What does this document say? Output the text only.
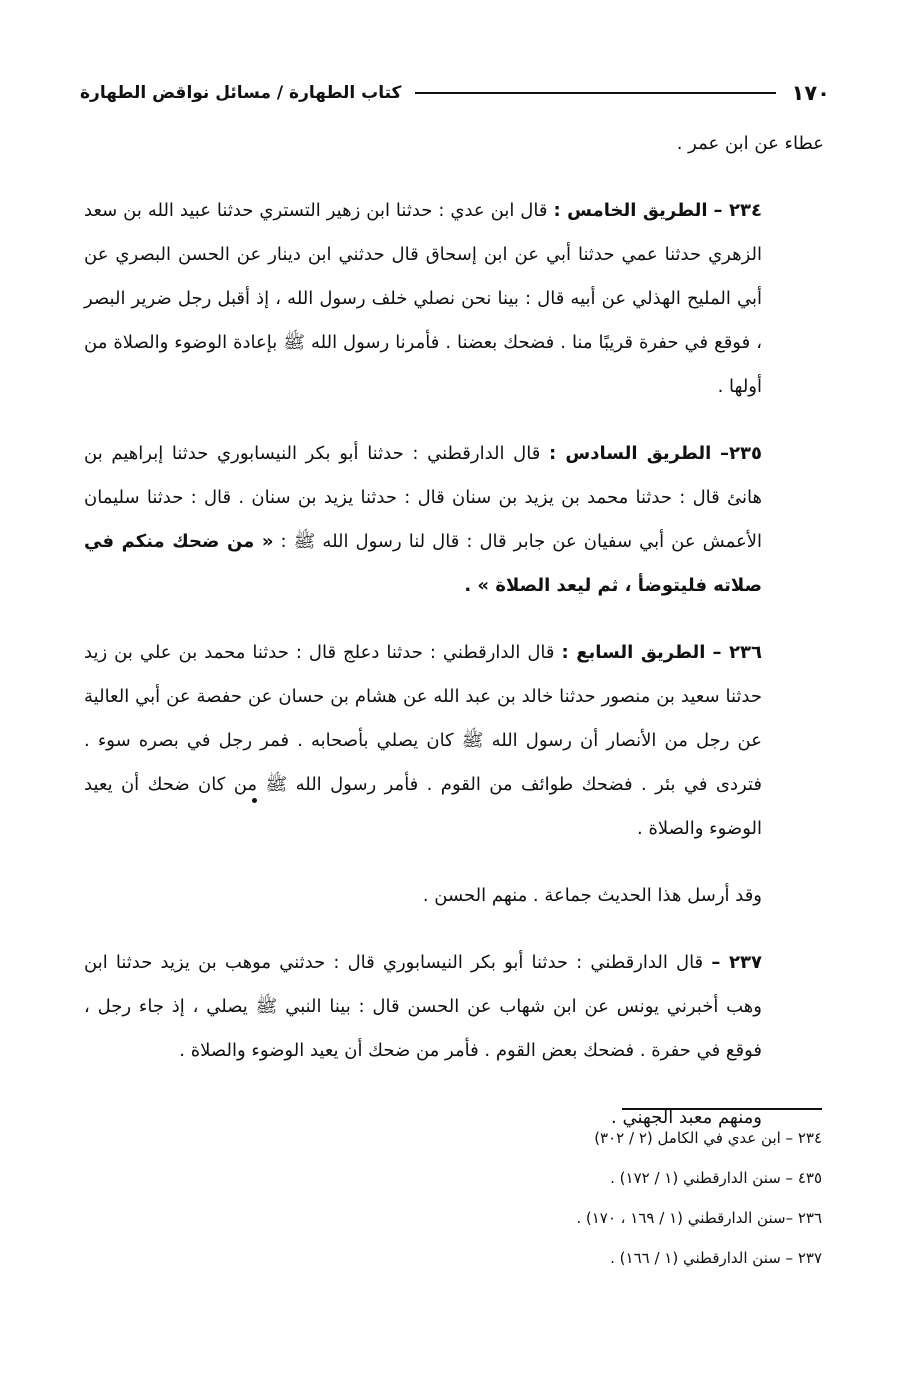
١٧٠
كتاب الطهارة / مسائل نواقض الطهارة

عطاء عن ابن عمر .

٢٣٤ – الطريق الخامس : قال ابن عدي : حدثنا ابن زهير التستري حدثنا عبيد الله بن سعد الزهري حدثنا عمي حدثنا أبي عن ابن إسحاق قال حدثني ابن دينار عن الحسن البصري عن أبي المليح الهذلي عن أبيه قال : بينا نحن نصلي خلف رسول الله ، إذ أقبل رجل ضرير البصر ، فوقع في حفرة قريبًا منا . فضحك بعضنا . فأمرنا رسول الله ﷺ بإعادة الوضوء والصلاة من أولها .

٢٣٥– الطريق السادس : قال الدارقطني : حدثنا أبو بكر النيسابوري حدثنا إبراهيم بن هانئ قال : حدثنا محمد بن يزيد بن سنان قال : حدثنا يزيد بن سنان . قال : حدثنا سليمان الأعمش عن أبي سفيان عن جابر قال : قال لنا رسول الله ﷺ : « من ضحك منكم في صلاته فليتوضأ ، ثم ليعد الصلاة » .

٢٣٦ – الطريق السابع : قال الدارقطني : حدثنا دعلج قال : حدثنا محمد بن علي بن زيد حدثنا سعيد بن منصور حدثنا خالد بن عبد الله عن هشام بن حسان عن حفصة عن أبي العالية عن رجل من الأنصار أن رسول الله ﷺ كان يصلي بأصحابه . فمر رجل في بصره سوء . فتردى في بئر . فضحك طوائف من القوم . فأمر رسول الله ﷺ من كان ضحك أن يعيد الوضوء والصلاة .

وقد أرسل هذا الحديث جماعة . منهم الحسن .

٢٣٧ – قال الدارقطني : حدثنا أبو بكر النيسابوري قال : حدثني موهب بن يزيد حدثنا ابن وهب أخبرني يونس عن ابن شهاب عن الحسن قال : بينا النبي ﷺ يصلي ، إذ جاء رجل ، فوقع في حفرة . فضحك بعض القوم . فأمر من ضحك أن يعيد الوضوء والصلاة .

ومنهم معبد الجهني .

٢٣٤ – ابن عدي في الكامل (٢ / ٣٠٢)

٤٣٥ – سنن الدارقطني (١ / ١٧٢) .

٢٣٦ –سنن الدارقطني (١ / ١٦٩ ، ١٧٠) .

٢٣٧ – سنن الدارقطني (١ / ١٦٦) .
